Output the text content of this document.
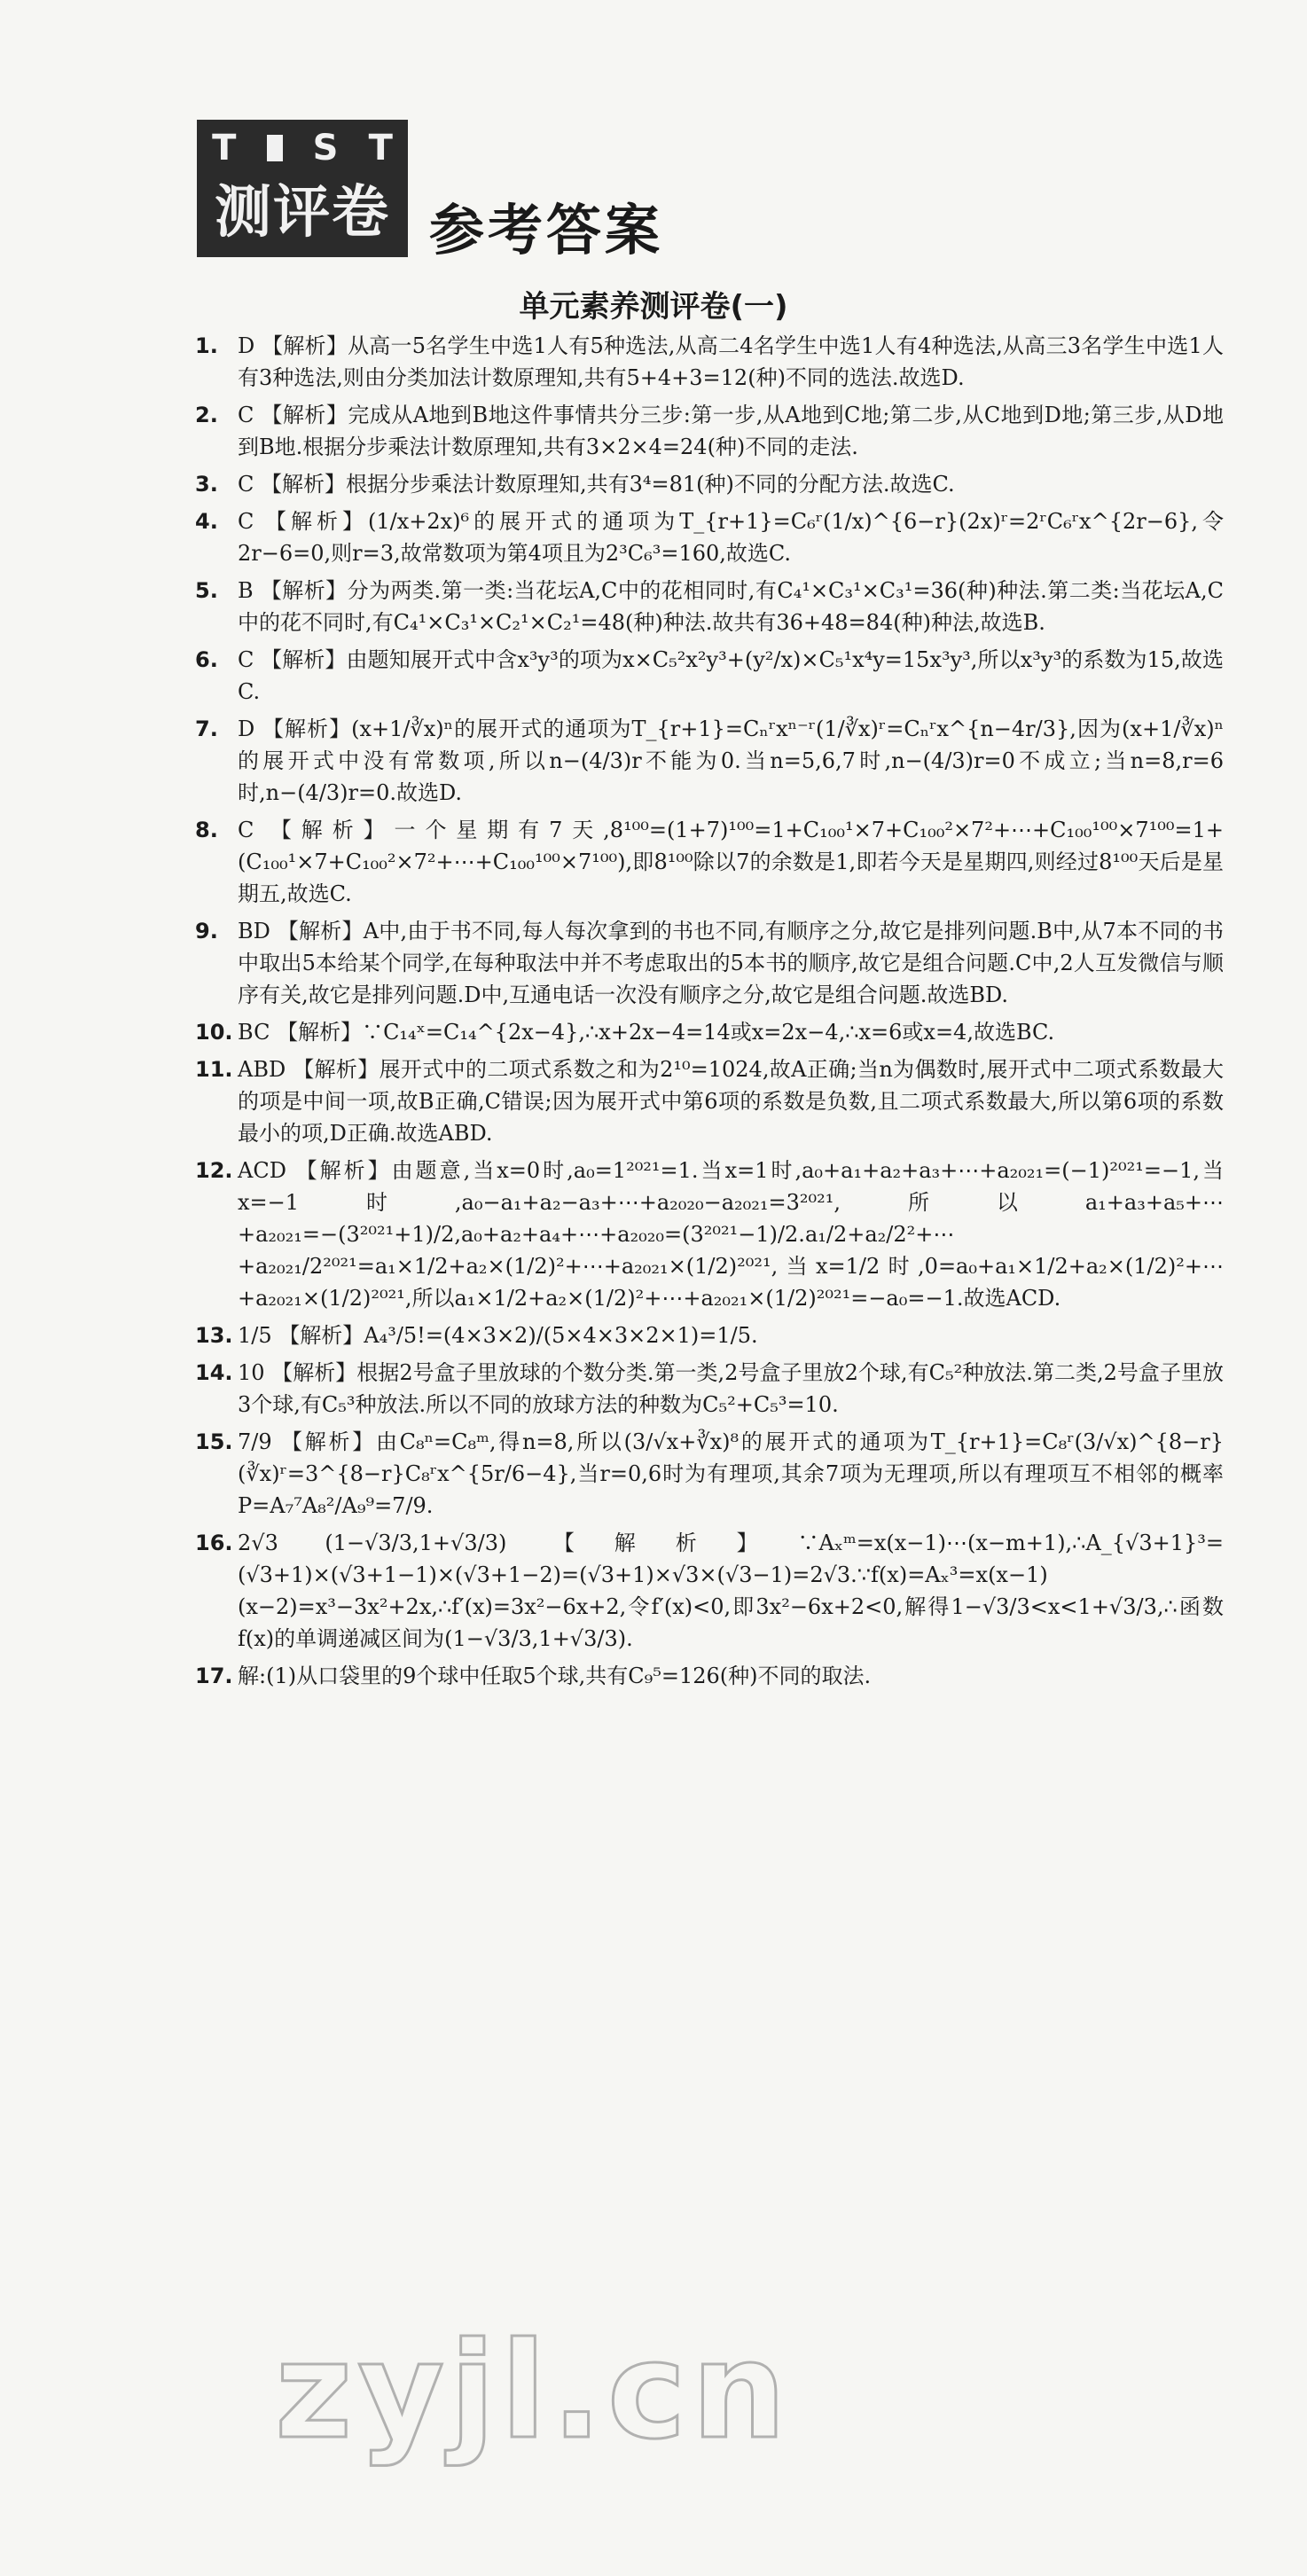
T S T
测评卷 参考答案
单元素养测评卷(一)
1. D 【解析】从高一5名学生中选1人有5种选法,从高二4名学生中选1人有4种选法,从高三3名学生中选1人有3种选法,则由分类加法计数原理知,共有5+4+3=12(种)不同的选法.故选D.
2. C 【解析】完成从A地到B地这件事情共分三步:第一步,从A地到C地;第二步,从C地到D地;第三步,从D地到B地.根据分步乘法计数原理知,共有3×2×4=24(种)不同的走法.
3. C 【解析】根据分步乘法计数原理知,共有3⁴=81(种)不同的分配方法.故选C.
4. C 【解析】(1/x+2x)⁶的展开式的通项为T_{r+1}=C₆ʳ(1/x)^{6−r}(2x)ʳ=2ʳC₆ʳx^{2r−6},令2r−6=0,则r=3,故常数项为第4项且为2³C₆³=160,故选C.
5. B 【解析】分为两类.第一类:当花坛A,C中的花相同时,有C₄¹×C₃¹×C₃¹=36(种)种法.第二类:当花坛A,C中的花不同时,有C₄¹×C₃¹×C₂¹×C₂¹=48(种)种法.故共有36+48=84(种)种法,故选B.
6. C 【解析】由题知展开式中含x³y³的项为x×C₅²x²y³+(y²/x)×C₅¹x⁴y=15x³y³,所以x³y³的系数为15,故选C.
7. D 【解析】(x+1/∛x)ⁿ的展开式的通项为T_{r+1}=Cₙʳxⁿ⁻ʳ(1/∛x)ʳ=Cₙʳx^{n−4r/3},因为(x+1/∛x)ⁿ的展开式中没有常数项,所以n−(4/3)r不能为0.当n=5,6,7时,n−(4/3)r=0不成立;当n=8,r=6时,n−(4/3)r=0.故选D.
8. C 【解析】一个星期有7天,8¹⁰⁰=(1+7)¹⁰⁰=1+C₁₀₀¹×7+C₁₀₀²×7²+⋯+C₁₀₀¹⁰⁰×7¹⁰⁰=1+(C₁₀₀¹×7+C₁₀₀²×7²+⋯+C₁₀₀¹⁰⁰×7¹⁰⁰),即8¹⁰⁰除以7的余数是1,即若今天是星期四,则经过8¹⁰⁰天后是星期五,故选C.
9. BD 【解析】A中,由于书不同,每人每次拿到的书也不同,有顺序之分,故它是排列问题.B中,从7本不同的书中取出5本给某个同学,在每种取法中并不考虑取出的5本书的顺序,故它是组合问题.C中,2人互发微信与顺序有关,故它是排列问题.D中,互通电话一次没有顺序之分,故它是组合问题.故选BD.
10. BC 【解析】∵C₁₄ˣ=C₁₄^{2x−4},∴x+2x−4=14或x=2x−4,∴x=6或x=4,故选BC.
11. ABD 【解析】展开式中的二项式系数之和为2¹⁰=1024,故A正确;当n为偶数时,展开式中二项式系数最大的项是中间一项,故B正确,C错误;因为展开式中第6项的系数是负数,且二项式系数最大,所以第6项的系数最小的项,D正确.故选ABD.
12. ACD 【解析】由题意,当x=0时,a₀=1²⁰²¹=1.当x=1时,a₀+a₁+a₂+a₃+⋯+a₂₀₂₁=(−1)²⁰²¹=−1,当x=−1时,a₀−a₁+a₂−a₃+⋯+a₂₀₂₀−a₂₀₂₁=3²⁰²¹,所以a₁+a₃+a₅+⋯+a₂₀₂₁=−(3²⁰²¹+1)/2,a₀+a₂+a₄+⋯+a₂₀₂₀=(3²⁰²¹−1)/2.a₁/2+a₂/2²+⋯+a₂₀₂₁/2²⁰²¹=a₁×1/2+a₂×(1/2)²+⋯+a₂₀₂₁×(1/2)²⁰²¹,当x=1/2时,0=a₀+a₁×1/2+a₂×(1/2)²+⋯+a₂₀₂₁×(1/2)²⁰²¹,所以a₁×1/2+a₂×(1/2)²+⋯+a₂₀₂₁×(1/2)²⁰²¹=−a₀=−1.故选ACD.
13. 1/5 【解析】A₄³/5!=(4×3×2)/(5×4×3×2×1)=1/5.
14. 10 【解析】根据2号盒子里放球的个数分类.第一类,2号盒子里放2个球,有C₅²种放法.第二类,2号盒子里放3个球,有C₅³种放法.所以不同的放球方法的种数为C₅²+C₅³=10.
15. 7/9 【解析】由C₈ⁿ=C₈ᵐ,得n=8,所以(3/√x+∛x)⁸的展开式的通项为T_{r+1}=C₈ʳ(3/√x)^{8−r}(∛x)ʳ=3^{8−r}C₈ʳx^{5r/6−4},当r=0,6时为有理项,其余7项为无理项,所以有理项互不相邻的概率P=A₇⁷A₈²/A₉⁹=7/9.
16. 2√3 (1−√3/3,1+√3/3) 【解析】∵Aₓᵐ=x(x−1)⋯(x−m+1),∴A_{√3+1}³=(√3+1)×(√3+1−1)×(√3+1−2)=(√3+1)×√3×(√3−1)=2√3.∵f(x)=Aₓ³=x(x−1)(x−2)=x³−3x²+2x,∴f′(x)=3x²−6x+2,令f′(x)<0,即3x²−6x+2<0,解得1−√3/3<x<1+√3/3,∴函数f(x)的单调递减区间为(1−√3/3,1+√3/3).
17. 解:(1)从口袋里的9个球中任取5个球,共有C₉⁵=126(种)不同的取法.
zyjl.cn
